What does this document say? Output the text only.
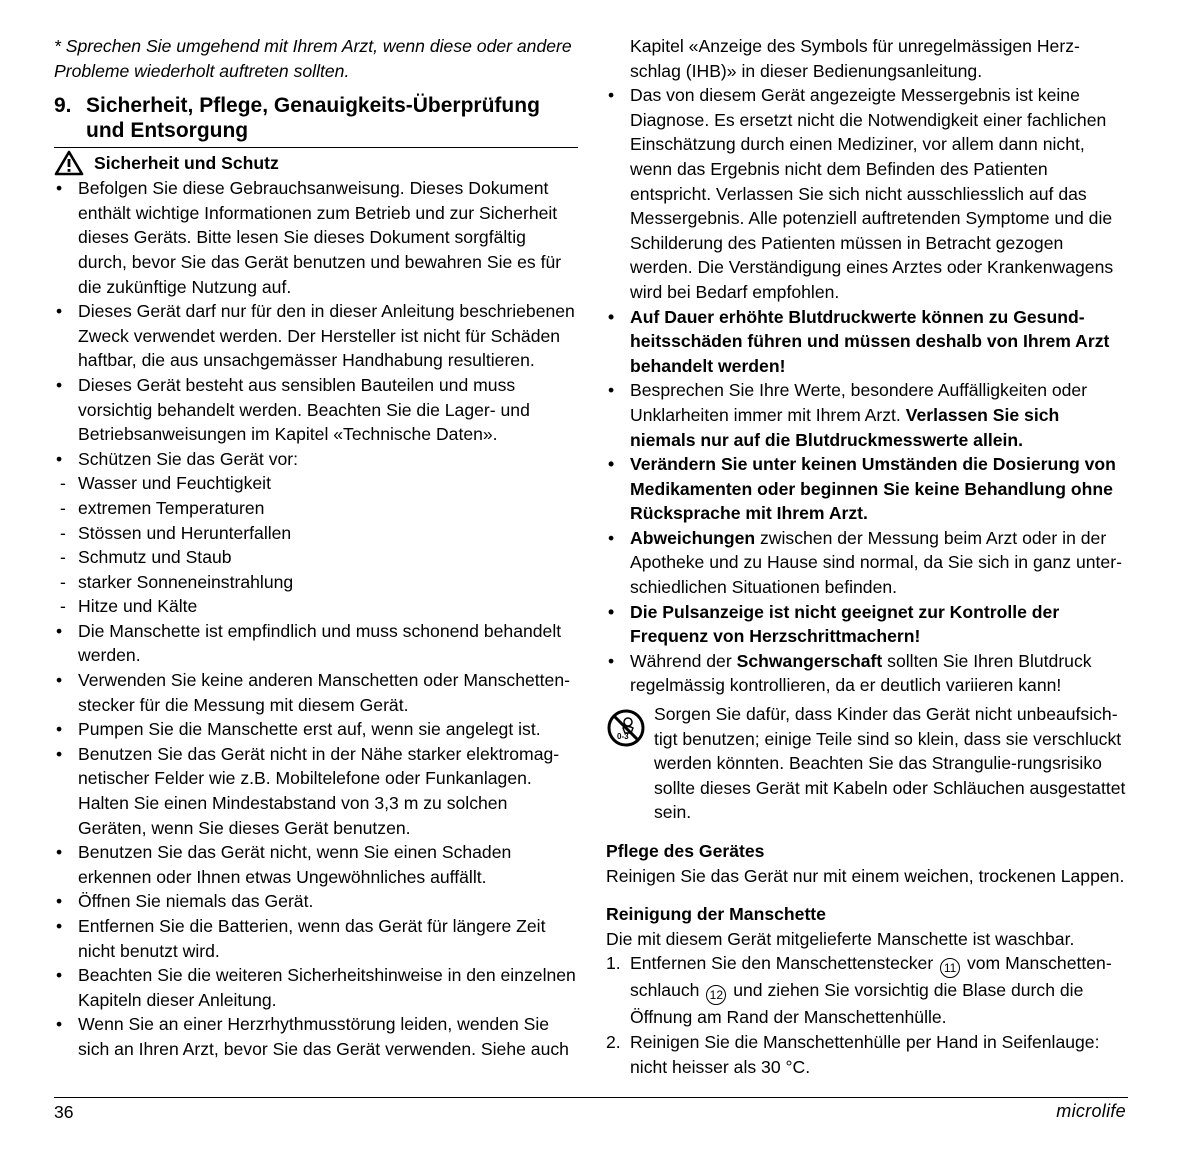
* Sprechen Sie umgehend mit Ihrem Arzt, wenn diese oder andere Probleme wiederholt auftreten sollten.

9. Sicherheit, Pflege, Genauigkeits-Überprüfung und Entsorgung
Sicherheit und Schutz
• Befolgen Sie diese Gebrauchsanweisung. Dieses Dokument enthält wichtige Informationen zum Betrieb und zur Sicherheit dieses Geräts. Bitte lesen Sie dieses Dokument sorgfältig durch, bevor Sie das Gerät benutzen und bewahren Sie es für die zukünftige Nutzung auf.
• Dieses Gerät darf nur für den in dieser Anleitung beschriebenen Zweck verwendet werden. Der Hersteller ist nicht für Schäden haftbar, die aus unsachgemässer Handhabung resultieren.
• Dieses Gerät besteht aus sensiblen Bauteilen und muss vorsichtig behandelt werden. Beachten Sie die Lager- und Betriebsanweisungen im Kapitel «Technische Daten».
• Schützen Sie das Gerät vor:
- Wasser und Feuchtigkeit
- extremen Temperaturen
- Stössen und Herunterfallen
- Schmutz und Staub
- starker Sonneneinstrahlung
- Hitze und Kälte
• Die Manschette ist empfindlich und muss schonend behandelt werden.
• Verwenden Sie keine anderen Manschetten oder Manschetten-stecker für die Messung mit diesem Gerät.
• Pumpen Sie die Manschette erst auf, wenn sie angelegt ist.
• Benutzen Sie das Gerät nicht in der Nähe starker elektromag-netischer Felder wie z.B. Mobiltelefone oder Funkanlagen. Halten Sie einen Mindestabstand von 3,3 m zu solchen Geräten, wenn Sie dieses Gerät benutzen.
• Benutzen Sie das Gerät nicht, wenn Sie einen Schaden erkennen oder Ihnen etwas Ungewöhnliches auffällt.
• Öffnen Sie niemals das Gerät.
• Entfernen Sie die Batterien, wenn das Gerät für längere Zeit nicht benutzt wird.
• Beachten Sie die weiteren Sicherheitshinweise in den einzelnen Kapiteln dieser Anleitung.
• Wenn Sie an einer Herzrhythmusstörung leiden, wenden Sie sich an Ihren Arzt, bevor Sie das Gerät verwenden. Siehe auch

Kapitel «Anzeige des Symbols für unregelmässigen Herz-schlag (IHB)» in dieser Bedienungsanleitung.

• Das von diesem Gerät angezeigte Messergebnis ist keine Diagnose. Es ersetzt nicht die Notwendigkeit einer fachlichen Einschätzung durch einen Mediziner, vor allem dann nicht, wenn das Ergebnis nicht dem Befinden des Patienten entspricht. Verlassen Sie sich nicht ausschliesslich auf das Messergebnis. Alle potenziell auftretenden Symptome und die Schilderung des Patienten müssen in Betracht gezogen werden. Die Verständigung eines Arztes oder Krankenwagens wird bei Bedarf empfohlen.
• Auf Dauer erhöhte Blutdruckwerte können zu Gesund-heitsschäden führen und müssen deshalb von Ihrem Arzt behandelt werden!
• Besprechen Sie Ihre Werte, besondere Auffälligkeiten oder Unklarheiten immer mit Ihrem Arzt. Verlassen Sie sich niemals nur auf die Blutdruckmesswerte allein.
• Verändern Sie unter keinen Umständen die Dosierung von Medikamenten oder beginnen Sie keine Behandlung ohne Rücksprache mit Ihrem Arzt.
• Abweichungen zwischen der Messung beim Arzt oder in der Apotheke und zu Hause sind normal, da Sie sich in ganz unter-schiedlichen Situationen befinden.
• Die Pulsanzeige ist nicht geeignet zur Kontrolle der Frequenz von Herzschrittmachern!
• Während der Schwangerschaft sollten Sie Ihren Blutdruck regelmässig kontrollieren, da er deutlich variieren kann!
0-3

Sorgen Sie dafür, dass Kinder das Gerät nicht unbeaufsich-tigt benutzen; einige Teile sind so klein, dass sie verschluckt werden könnten. Beachten Sie das Strangulie-rungsrisiko sollte dieses Gerät mit Kabeln oder Schläuchen ausgestattet sein.

Pflege des Gerätes

Reinigen Sie das Gerät nur mit einem weichen, trockenen Lappen.

Reinigung der Manschette

Die mit diesem Gerät mitgelieferte Manschette ist waschbar.

1. Entfernen Sie den Manschettenstecker 11 vom Manschetten-schlauch 12 und ziehen Sie vorsichtig die Blase durch die Öffnung am Rand der Manschettenhülle.
2. Reinigen Sie die Manschettenhülle per Hand in Seifenlauge: nicht heisser als 30 °C.
36	microlife
